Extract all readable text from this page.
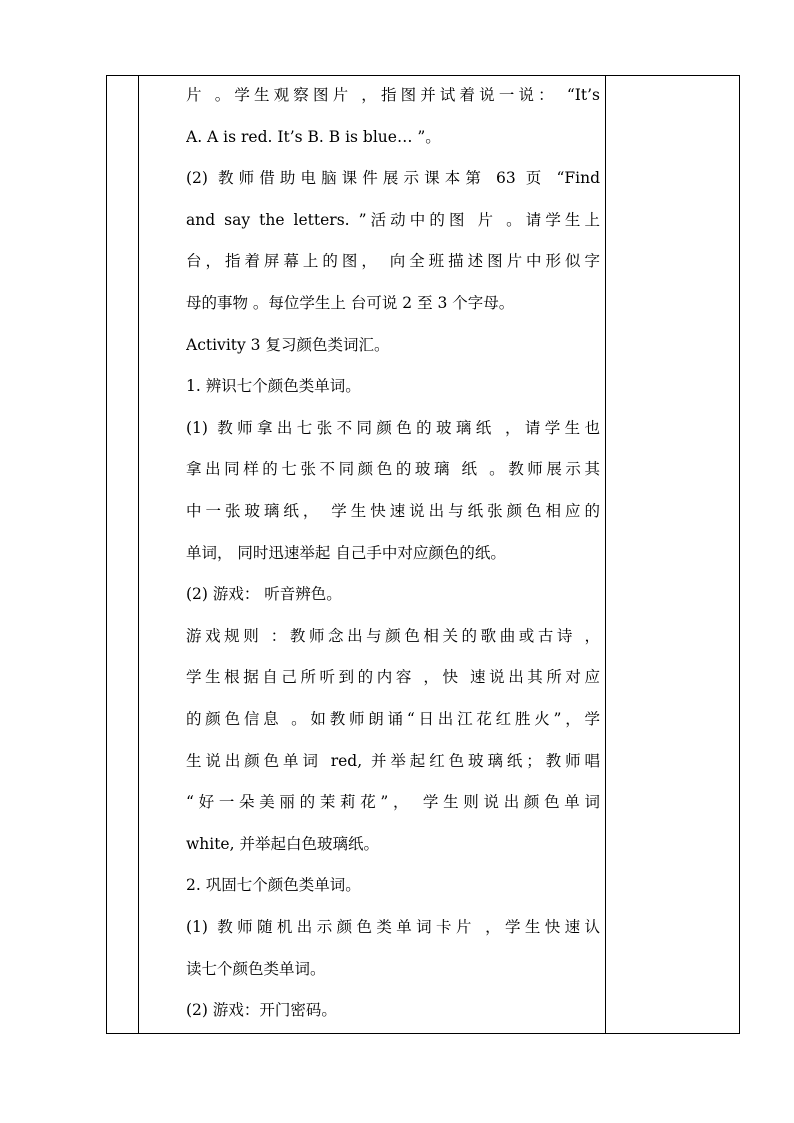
片 。学生观察图片 ，指图并试着说一说： “It’s
A. A is red. It’s B. B is blue… ”。
(2) 教师借助电脑课件展示课本第 63 页 “Find
and say the letters. ”活动中的图 片 。请学生上
台，指着屏幕上的图， 向全班描述图片中形似字
母的事物 。每位学生上 台可说 2 至 3 个字母。
Activity 3 复习颜色类词汇。
1. 辨识七个颜色类单词。
(1) 教师拿出七张不同颜色的玻璃纸 ，请学生也
拿出同样的七张不同颜色的玻璃 纸 。教师展示其
中一张玻璃纸， 学生快速说出与纸张颜色相应的
单词， 同时迅速举起 自己手中对应颜色的纸。
(2) 游戏： 听音辨色。
游戏规则 ：教师念出与颜色相关的歌曲或古诗 ，
学生根据自己所听到的内容 ，快 速说出其所对应
的颜色信息 。如教师朗诵“日出江花红胜火”，学
生说出颜色单词 red, 并举起红色玻璃纸；教师唱
“好一朵美丽的茉莉花”， 学生则说出颜色单词
white, 并举起白色玻璃纸。
2. 巩固七个颜色类单词。
(1) 教师随机出示颜色类单词卡片 ，学生快速认
读七个颜色类单词。
(2) 游戏：开门密码。
